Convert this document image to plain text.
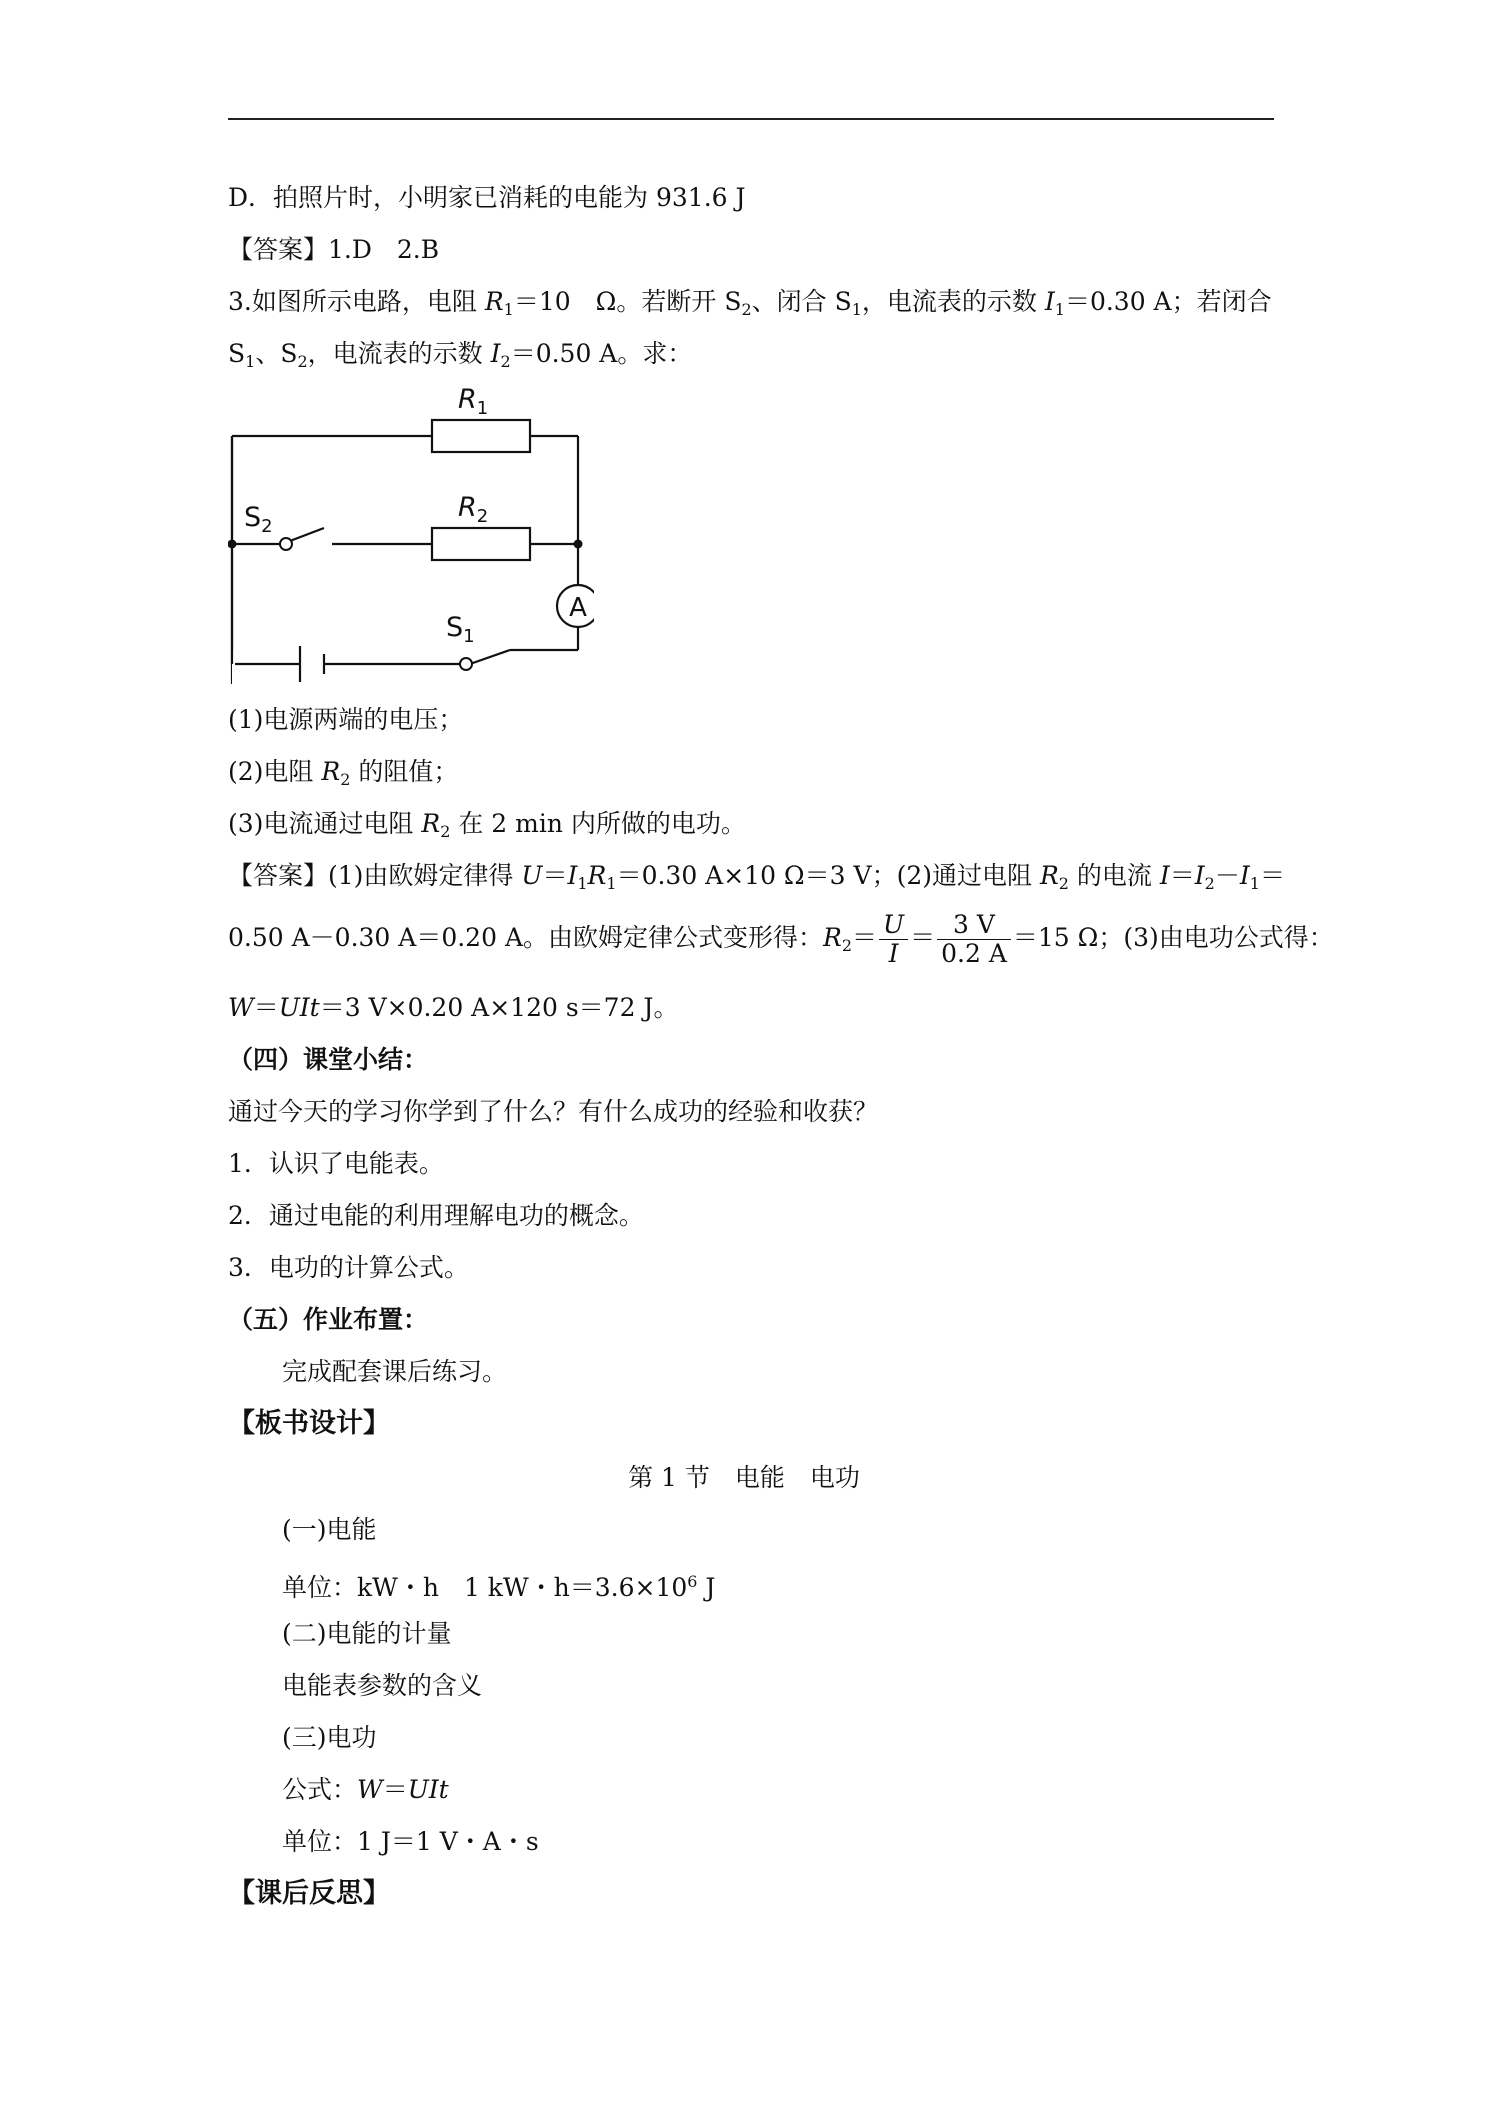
D．拍照片时，小明家已消耗的电能为 931.6 J
【答案】1.D　2.B
3.如图所示电路，电阻 $R_1=10$　Ω。若断开 $S_2$、闭合 $S_1$，电流表的示数 $I_1=0.30$ A；若闭合
$S_1$、$S_2$，电流表的示数 $I_2=0.50$ A。求：
$R_1$
$R_2$
$S_2$
$S_1$
A
(1)电源两端的电压；
(2)电阻 $R_2$ 的阻值；
(3)电流通过电阻 $R_2$ 在 2 min 内所做的电功。
【答案】(1)由欧姆定律得 $U=I_1R_1=0.30$ A×10 Ω＝3 V；(2)通过电阻 $R_2$ 的电流 $I=I_2-I_1=$
0.50 A－0.30 A＝0.20 A。由欧姆定律公式变形得：$R_2= \frac{U}{I} = \frac{3 V}{0.2 A} =15$ Ω；(3)由电功公式得：
W＝UIt＝3 V×0.20 A×120 s＝72 J。
（四）课堂小结：
通过今天的学习你学到了什么？有什么成功的经验和收获？
1．认识了电能表。
2．通过电能的利用理解电功的概念。
3．电功的计算公式。
（五）作业布置：
完成配套课后练习。
【板书设计】
第 1 节　电能　电功
(一)电能
单位：kW・h　1 kW・$h=3.6\times 10^6$ J
(二)电能的计量
电能表参数的含义
(三)电功
公式：W＝UIt
单位：1 J＝1 V・A・s
【课后反思】
